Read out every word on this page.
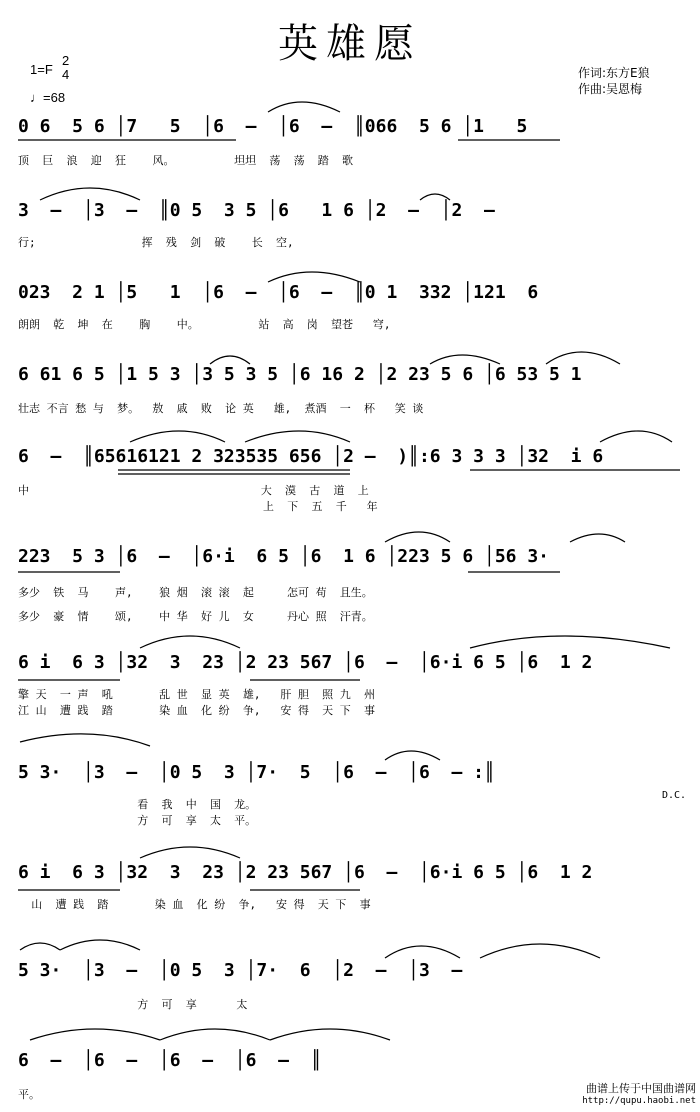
英雄愿
1=F
2
4
♩=68
作词:东方E狼
作曲:吴恩梅
0 6  5 6 │7   5  │6  –  │6  –  ║066  5 6 │1   5
顶  巨  浪  迎  狂    风。         坦坦  荡  荡  踏  歌
3  –  │3  –  ║0 5  3 5 │6   1 6 │2  –  │2  –
行;                挥  残  剑  破    长  空,
023  2 1 │5   1  │6  –  │6  –  ║0 1  332 │121  6
朗朗  乾  坤  在    胸    中。         站  高  岗  望苍   穹,
6 61 6 5 │1 5 3 │3 5 3 5 │6 16 2 │2 23 5 6 │6 53 5 1
壮志 不言 愁 与  梦。  敖  戚  败  论 英   雄,  煮酒  一  杯   笑 谈
6  –  ║65616121 2 323535 656 │2 –  )║:6 3 3 3 │32  i 6
中                                   大  漠  古  道  上
上  下  五  千   年
223  5 3 │6  –  │6·i  6 5 │6  1 6 │223 5 6 │56 3·
多少  铁  马    声,    狼 烟  滚 滚  起     怎可 苟  且生。
多少  豪  情    颂,    中 华  好 儿  女     丹心 照  汗青。
6 i  6 3 │32  3  23 │2 23 567 │6  –  │6·i 6 5 │6  1 2
擎 天  一 声  吼       乱 世  显 英  雄,   肝 胆  照 九  州
江 山  遭 践  踏       染 血  化 纷  争,   安 得  天 下  事
5 3·  │3  –  │0 5  3 │7·  5  │6  –  │6  – :║
看  我  中  国  龙。
方  可  享  太  平。
D.C.
6 i  6 3 │32  3  23 │2 23 567 │6  –  │6·i 6 5 │6  1 2
山  遭 践  踏       染 血  化 纷  争,   安 得  天 下  事
5 3·  │3  –  │0 5  3 │7·  6  │2  –  │3  –
方  可  享      太
6  –  │6  –  │6  –  │6  –  ║
平。	曲谱上传于中国曲谱网
http://qupu.haobi.net
